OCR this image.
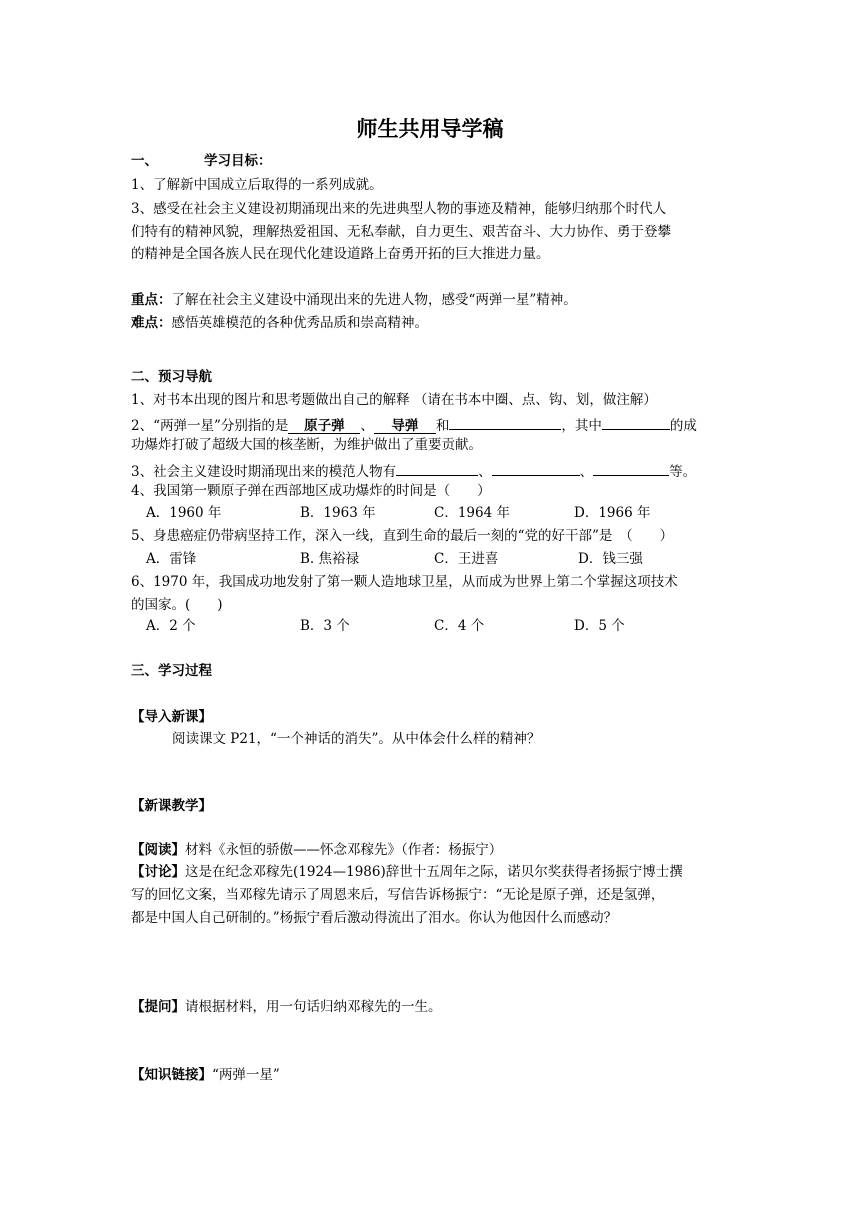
师生共用导学稿
一、	学习目标：
1、了解新中国成立后取得的一系列成就。
3、感受在社会主义建设初期涌现出来的先进典型人物的事迹及精神，能够归纳那个时代人
们特有的精神风貌，理解热爱祖国、无私奉献，自力更生、艰苦奋斗、大力协作、勇于登攀
的精神是全国各族人民在现代化建设道路上奋勇开拓的巨大推进力量。
重点：了解在社会主义建设中涌现出来的先进人物，感受“两弹一星”精神。
难点：感悟英雄模范的各种优秀品质和崇高精神。
二、预习导航
1、对书本出现的图片和思考题做出自己的解释 （请在书本中圈、点、钩、划，做注解）
2、“两弹一星”分别指的是 原子弹 、 导弹 和	，其中	的成
功爆炸打破了超级大国的核垄断，为维护做出了重要贡献。
3、社会主义建设时期涌现出来的模范人物有	、	、	等。
4、我国第一颗原子弹在西部地区成功爆炸的时间是（　　）
A．1960 年	B．1963 年	C．1964 年	D．1966 年
5、身患癌症仍带病坚持工作，深入一线，直到生命的最后一刻的“党的好干部”是　（　　）
A．雷锋	B. 焦裕禄	C．王进喜	D．钱三强
6、1970 年，我国成功地发射了第一颗人造地球卫星，从而成为世界上第二个掌握这项技术
的国家。(　　)
A．2 个	B．3 个	C．4 个	D．5 个
三、学习过程
【导入新课】
阅读课文 P21，“一个神话的消失”。从中体会什么样的精神？
【新课教学】
【阅读】材料《永恒的骄傲——怀念邓稼先》（作者：杨振宁）
【讨论】这是在纪念邓稼先(1924—1986)辞世十五周年之际，诺贝尔奖获得者扬振宁博士撰
写的回忆文案，当邓稼先请示了周恩来后，写信告诉杨振宁：“无论是原子弹，还是氢弹，
都是中国人自己研制的。”杨振宁看后激动得流出了泪水。你认为他因什么而感动？
【提问】请根据材料，用一句话归纳邓稼先的一生。
【知识链接】“两弹一星”
